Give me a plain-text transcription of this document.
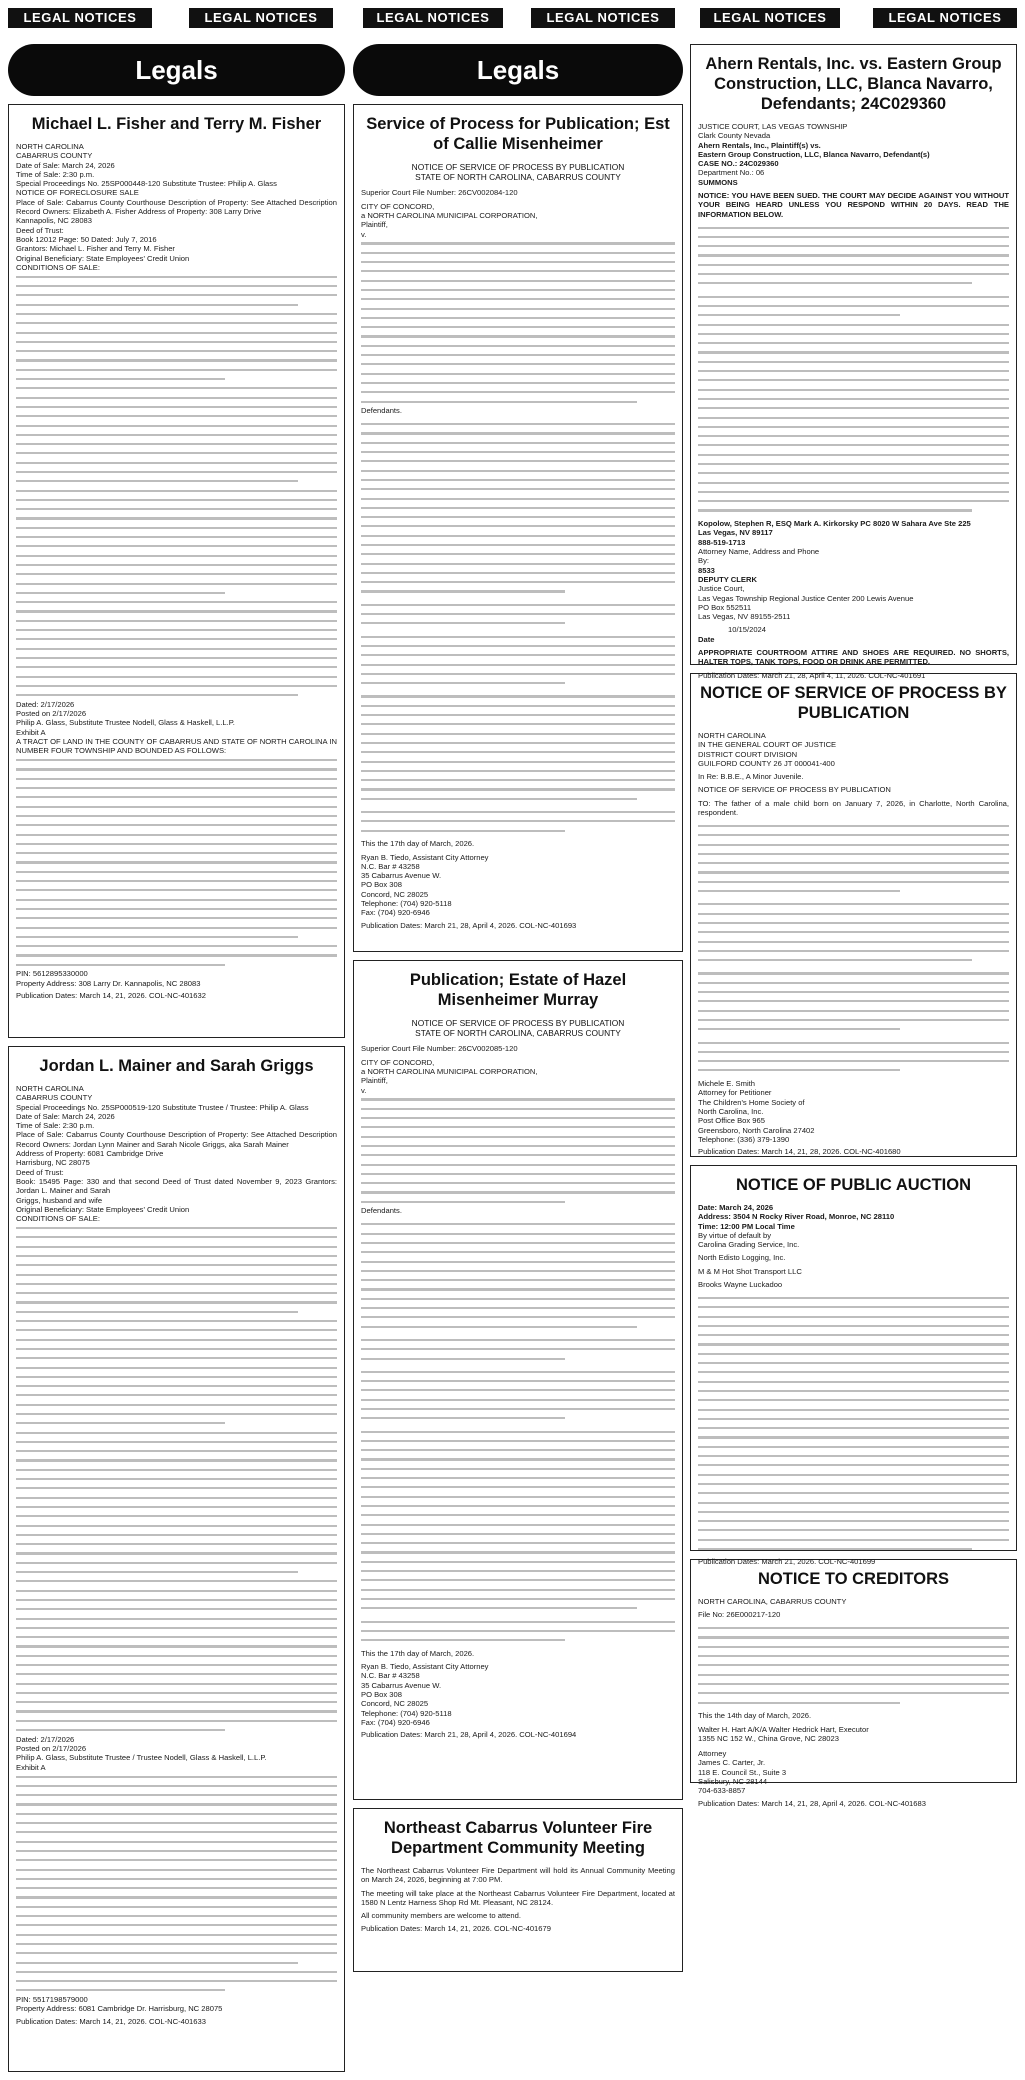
LEGAL NOTICES	LEGAL NOTICES	LEGAL NOTICES	LEGAL NOTICES	LEGAL NOTICES	LEGAL NOTICES
Legals
Michael L. Fisher and Terry M. Fisher
NORTH CAROLINA
CABARRUS COUNTY
Date of Sale: March 24, 2026
Time of Sale: 2:30 p.m.
Special Proceedings No. 25SP000448-120 Substitute Trustee: Philip A. Glass
NOTICE OF FORECLOSURE SALE
Place of Sale: Cabarrus County Courthouse Description of Property: See Attached Description Record Owners: Elizabeth A. Fisher Address of Property: 308 Larry Drive
Kannapolis, NC 28083
Deed of Trust:
Book 12012 Page: 50 Dated: July 7, 2016
Grantors: Michael L. Fisher and Terry M. Fisher
Original Beneficiary: State Employees' Credit Union
CONDITIONS OF SALE:
Dated: 2/17/2026
Posted on 2/17/2026
Philip A. Glass, Substitute Trustee Nodell, Glass & Haskell, L.L.P.
Exhibit A
A TRACT OF LAND IN THE COUNTY OF CABARRUS AND STATE OF NORTH CAROLINA IN NUMBER FOUR TOWNSHIP AND BOUNDED AS FOLLOWS:
PIN: 5612895330000
Property Address: 308 Larry Dr. Kannapolis, NC 28083
Publication Dates: March 14, 21, 2026. COL-NC-401632
Jordan L. Mainer and Sarah Griggs
NORTH CAROLINA
CABARRUS COUNTY
Special Proceedings No. 25SP000519-120 Substitute Trustee / Trustee: Philip A. Glass
Date of Sale: March 24, 2026
Time of Sale: 2:30 p.m.
Place of Sale: Cabarrus County Courthouse Description of Property: See Attached Description Record Owners: Jordan Lynn Mainer and Sarah Nicole Griggs, aka Sarah Mainer
Address of Property: 6081 Cambridge Drive
Harrisburg, NC 28075
Deed of Trust:
Book: 15495 Page: 330 and that second Deed of Trust dated November 9, 2023 Grantors: Jordan L. Mainer and Sarah
Griggs, husband and wife
Original Beneficiary: State Employees' Credit Union
CONDITIONS OF SALE:
Dated: 2/17/2026
Posted on 2/17/2026
Philip A. Glass, Substitute Trustee / Trustee Nodell, Glass & Haskell, L.L.P.
Exhibit A
PIN: 5517198579000
Property Address: 6081 Cambridge Dr. Harrisburg, NC 28075
Publication Dates: March 14, 21, 2026. COL-NC-401633
Legals
Service of Process for Publication; Est of Callie Misenheimer
NOTICE OF SERVICE OF PROCESS BY PUBLICATION
STATE OF NORTH CAROLINA, CABARRUS COUNTY

Superior Court File Number: 26CV002084-120

CITY OF CONCORD,
a NORTH CAROLINA MUNICIPAL CORPORATION,
Plaintiff,
v.

Defendants.

This the 17th day of March, 2026.

Ryan B. Tiedo, Assistant City Attorney
N.C. Bar # 43258
35 Cabarrus Avenue W.
PO Box 308
Concord, NC 28025
Telephone: (704) 920-5118
Fax: (704) 920-6946
Publication Dates: March 21, 28, April 4, 2026. COL-NC-401693
Publication; Estate of Hazel Misenheimer Murray
NOTICE OF SERVICE OF PROCESS BY PUBLICATION
STATE OF NORTH CAROLINA, CABARRUS COUNTY

Superior Court File Number: 26CV002085-120

CITY OF CONCORD,
a NORTH CAROLINA MUNICIPAL CORPORATION,
Plaintiff,
v.

Defendants.

This the 17th day of March, 2026.

Ryan B. Tiedo, Assistant City Attorney
N.C. Bar # 43258
35 Cabarrus Avenue W.
PO Box 308
Concord, NC 28025
Telephone: (704) 920-5118
Fax: (704) 920-6946
Publication Dates: March 21, 28, April 4, 2026. COL-NC-401694
Northeast Cabarrus Volunteer Fire Department Community Meeting

The Northeast Cabarrus Volunteer Fire Department will hold its Annual Community Meeting on March 24, 2026, beginning at 7:00 PM.

The meeting will take place at the Northeast Cabarrus Volunteer Fire Department, located at 1580 N Lentz Harness Shop Rd Mt. Pleasant, NC 28124.

All community members are welcome to attend.

Publication Dates: March 14, 21, 2026. COL-NC-401679
Ahern Rentals, Inc. vs. Eastern Group Construction, LLC, Blanca Navarro, Defendants; 24C029360
JUSTICE COURT, LAS VEGAS TOWNSHIP
Clark County Nevada
Ahern Rentals, Inc., Plaintiff(s) vs.
Eastern Group Construction, LLC, Blanca Navarro, Defendant(s)
CASE NO.: 24C029360
Department No.: 06

SUMMONS

NOTICE: YOU HAVE BEEN SUED. THE COURT MAY DECIDE AGAINST YOU WITHOUT YOUR BEING HEARD UNLESS YOU RESPOND WITHIN 20 DAYS. READ THE INFORMATION BELOW.

Kopolow, Stephen R, ESQ Mark A. Kirkorsky PC 8020 W Sahara Ave Ste 225
Las Vegas, NV 89117
888-519-1713
Attorney Name, Address and Phone
By:
8533
DEPUTY CLERK
Justice Court,
Las Vegas Township Regional Justice Center 200 Lewis Avenue
PO Box 552511

Las Vegas, NV 89155-2511

10/15/2024

Date

APPROPRIATE COURTROOM ATTIRE AND SHOES ARE REQUIRED. NO SHORTS, HALTER TOPS, TANK TOPS, FOOD OR DRINK ARE PERMITTED.

Publication Dates: March 21, 28, April 4, 11, 2026. COL-NC-401691
NOTICE OF SERVICE OF PROCESS BY PUBLICATION
NORTH CAROLINA
IN THE GENERAL COURT OF JUSTICE
DISTRICT COURT DIVISION

GUILFORD COUNTY 26 JT 000041-400

In Re: B.B.E., A Minor Juvenile.

NOTICE OF SERVICE OF PROCESS BY PUBLICATION

TO: The father of a male child born on January 7, 2026, in Charlotte, North Carolina, respondent.

Michele E. Smith
Attorney for Petitioner
The Children's Home Society of
North Carolina, Inc.
Post Office Box 965
Greensboro, North Carolina 27402
Telephone: (336) 379-1390
Publication Dates: March 14, 21, 28, 2026. COL-NC-401680
NOTICE OF PUBLIC AUCTION
Date: March 24, 2026
Address: 3504 N Rocky River Road, Monroe, NC 28110
Time: 12:00 PM Local Time
By virtue of default by

Carolina Grading Service, Inc.

North Edisto Logging, Inc.

M & M Hot Shot Transport LLC

Brooks Wayne Luckadoo

Publication Dates: March 21, 2026. COL-NC-401699
NOTICE TO CREDITORS

NORTH CAROLINA, CABARRUS COUNTY

File No: 26E000217-120

This the 14th day of March, 2026.

Walter H. Hart A/K/A Walter Hedrick Hart, Executor
1355 NC 152 W., China Grove, NC 28023
Attorney
James C. Carter, Jr.
118 E. Council St., Suite 3
Salisbury, NC 28144
704-633-8857
Publication Dates: March 14, 21, 28, April 4, 2026. COL-NC-401683
